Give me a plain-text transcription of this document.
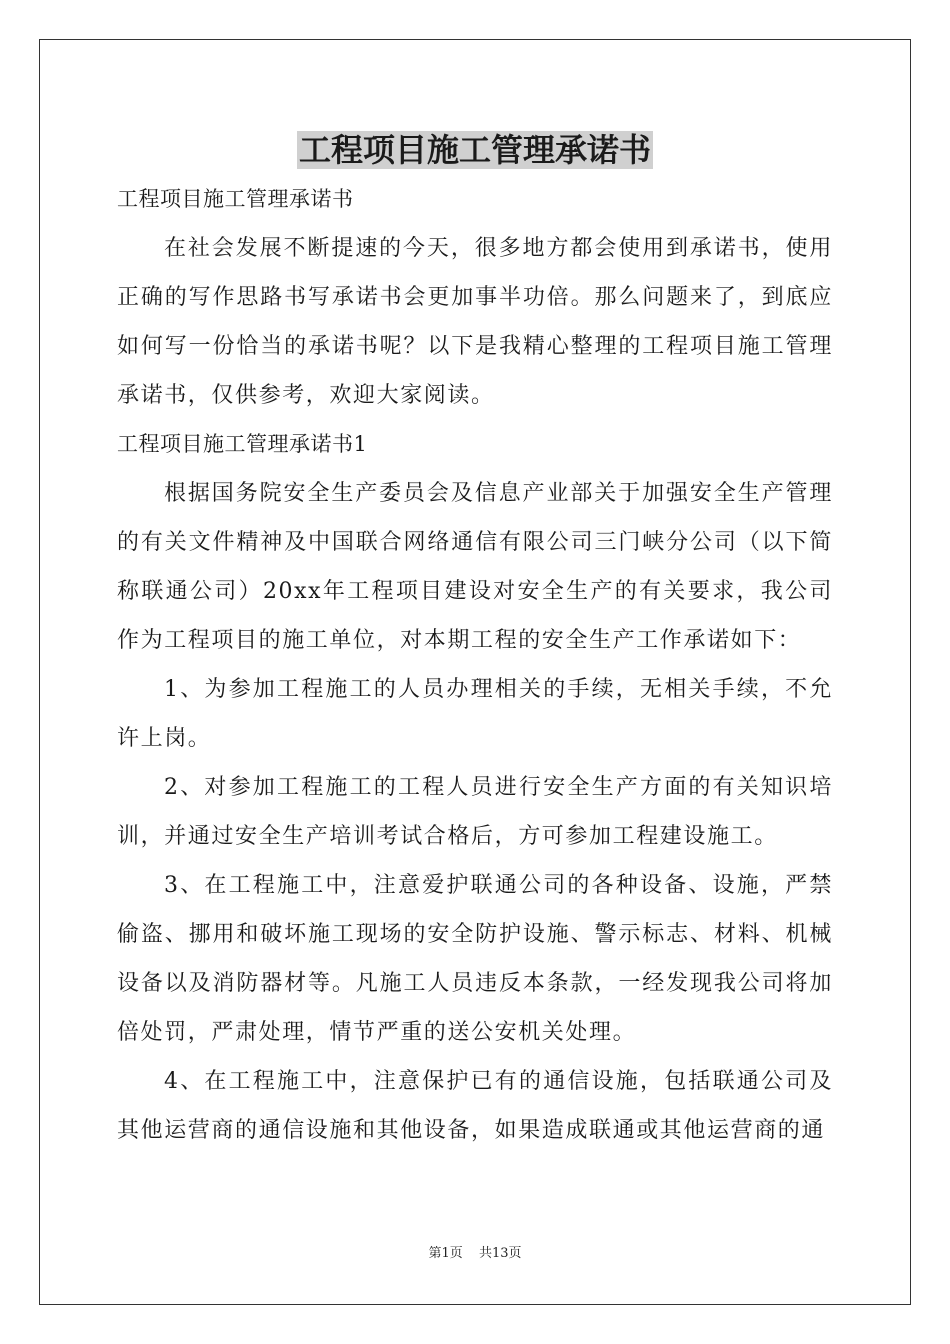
工程项目施工管理承诺书

工程项目施工管理承诺书

在社会发展不断提速的今天，很多地方都会使用到承诺书，使用正确的写作思路书写承诺书会更加事半功倍。那么问题来了，到底应如何写一份恰当的承诺书呢？以下是我精心整理的工程项目施工管理承诺书，仅供参考，欢迎大家阅读。

工程项目施工管理承诺书1

根据国务院安全生产委员会及信息产业部关于加强安全生产管理的有关文件精神及中国联合网络通信有限公司三门峡分公司（以下简称联通公司）20xx年工程项目建设对安全生产的有关要求，我公司作为工程项目的施工单位，对本期工程的安全生产工作承诺如下：

1、为参加工程施工的人员办理相关的手续，无相关手续，不允许上岗。

2、对参加工程施工的工程人员进行安全生产方面的有关知识培训，并通过安全生产培训考试合格后，方可参加工程建设施工。

3、在工程施工中，注意爱护联通公司的各种设备、设施，严禁偷盗、挪用和破坏施工现场的安全防护设施、警示标志、材料、机械设备以及消防器材等。凡施工人员违反本条款，一经发现我公司将加倍处罚，严肃处理，情节严重的送公安机关处理。

4、在工程施工中，注意保护已有的通信设施，包括联通公司及其他运营商的通信设施和其他设备，如果造成联通或其他运营商的通

第1页 共13页
